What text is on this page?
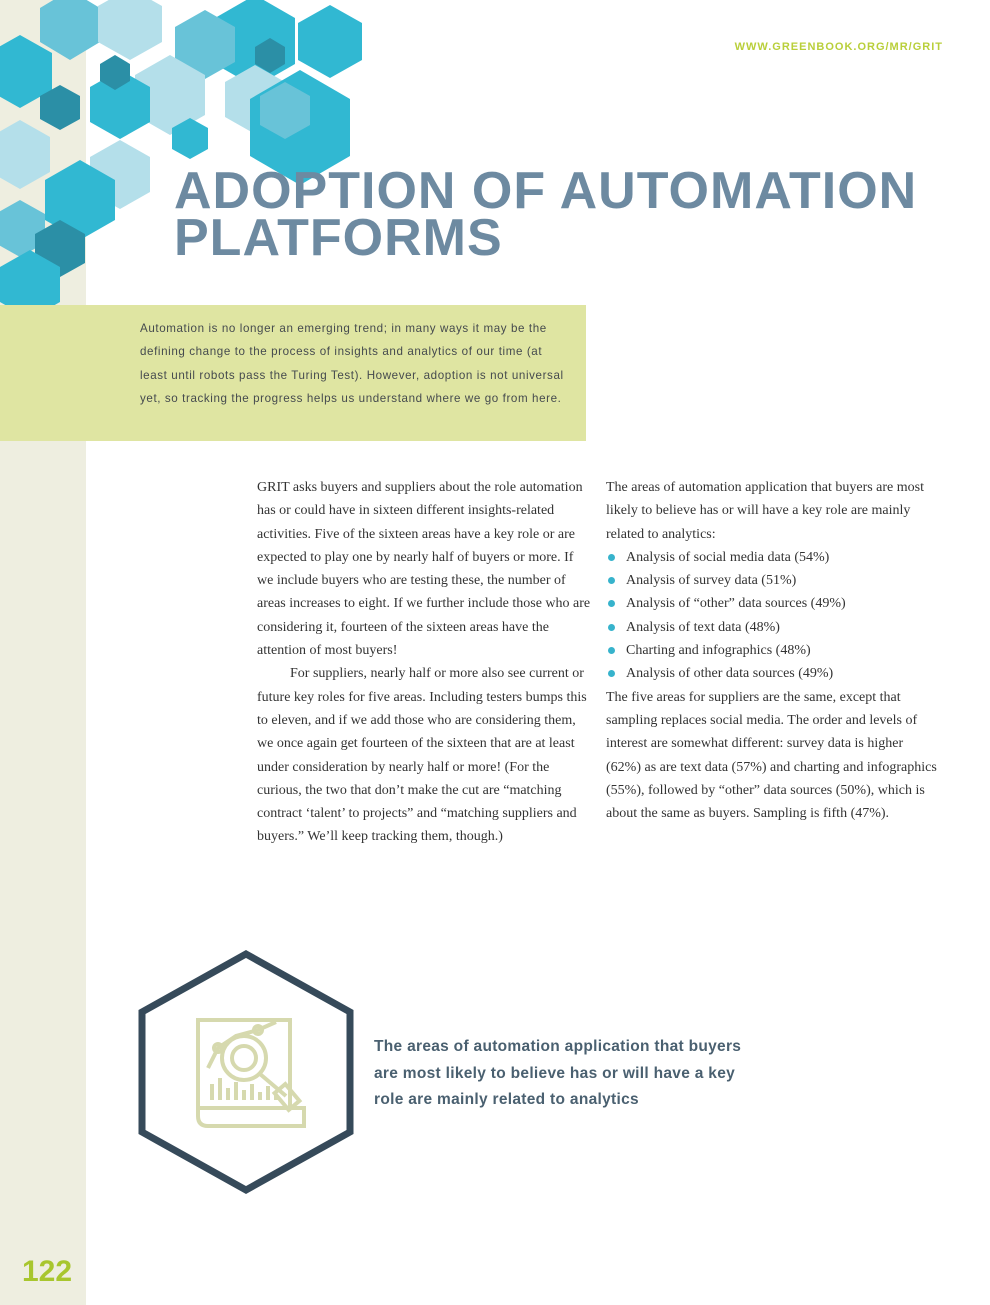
WWW.GREENBOOK.ORG/MR/GRIT
ADOPTION OF AUTOMATION
PLATFORMS

Automation is no longer an emerging trend; in many ways it may be the defining change to the process of insights and analytics of our time (at least until robots pass the Turing Test). However, adoption is not universal yet, so tracking the progress helps us understand where we go from here.

GRIT asks buyers and suppliers about the role automation has or could have in sixteen different insights-related activities. Five of the sixteen areas have a key role or are expected to play one by nearly half of buyers or more. If we include buyers who are testing these, the number of areas increases to eight. If we further include those who are considering it, fourteen of the sixteen areas have the attention of most buyers!

For suppliers, nearly half or more also see current or future key roles for five areas. Including testers bumps this to eleven, and if we add those who are considering them, we once again get fourteen of the sixteen that are at least under consideration by nearly half or more! (For the curious, the two that don’t make the cut are “matching contract ‘talent’ to projects” and “matching suppliers and buyers.” We’ll keep tracking them, though.)

The areas of automation application that buyers are most likely to believe has or will have a key role are mainly related to analytics:

Analysis of social media data (54%)
Analysis of survey data (51%)
Analysis of “other” data sources (49%)
Analysis of text data (48%)
Charting and infographics (48%)
Analysis of other data sources (49%)

The five areas for suppliers are the same, except that sampling replaces social media. The order and levels of interest are somewhat different: survey data is higher (62%) as are text data (57%) and charting and infographics (55%), followed by “other” data sources (50%), which is about the same as buyers. Sampling is fifth (47%).

The areas of automation application that buyers are most likely to believe has or will have a key role are mainly related to analytics
122
